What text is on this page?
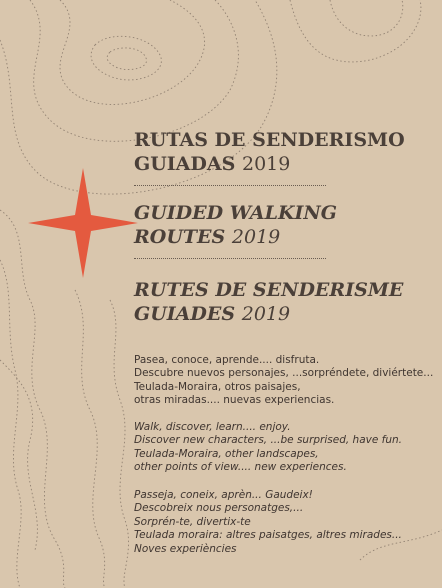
RUTAS DE SENDERISMO
GUIADAS 2019
GUIDED WALKING
ROUTES 2019
RUTES DE SENDERISME
GUIADES 2019

Pasea, conoce, aprende.... disfruta.
Descubre nuevos personajes, ...sorpréndete, diviértete...
Teulada-Moraira, otros paisajes,
otras miradas.... nuevas experiencias.

Walk, discover, learn.... enjoy.
Discover new characters, ...be surprised, have fun.
Teulada-Moraira, other landscapes,
other points of view.... new experiences.

Passeja, coneix, aprèn... Gaudeix!
Descobreix nous personatges,...
Sorprén-te, divertix-te
Teulada moraira: altres paisatges, altres mirades...
Noves experiències
